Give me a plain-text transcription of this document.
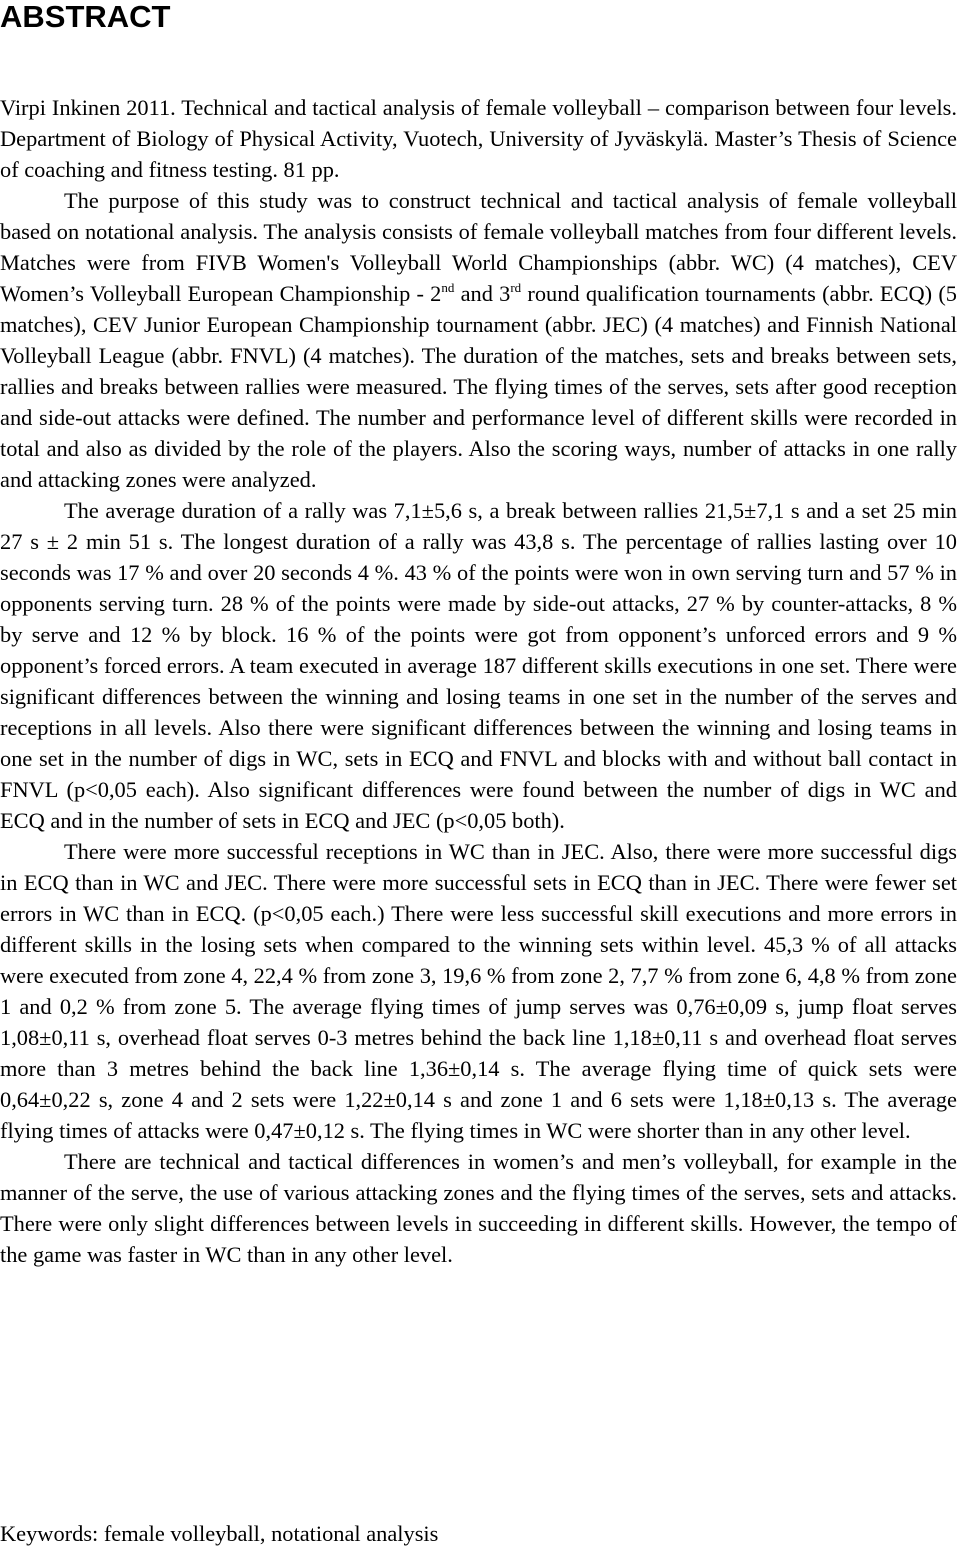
ABSTRACT

Virpi Inkinen 2011. Technical and tactical analysis of female volleyball – comparison between four levels. Department of Biology of Physical Activity, Vuotech, University of Jyväskylä. Master’s Thesis of Science of coaching and fitness testing. 81 pp.

The purpose of this study was to construct technical and tactical analysis of female volleyball based on notational analysis. The analysis consists of female volleyball matches from four different levels. Matches were from FIVB Women's Volleyball World Championships (abbr. WC) (4 matches), CEV Women’s Volleyball European Championship - 2nd and 3rd round qualification tournaments (abbr. ECQ) (5 matches), CEV Junior European Championship tournament (abbr. JEC) (4 matches) and Finnish National Volleyball League (abbr. FNVL) (4 matches). The duration of the matches, sets and breaks between sets, rallies and breaks between rallies were measured. The flying times of the serves, sets after good reception and side-out attacks were defined. The number and performance level of different skills were recorded in total and also as divided by the role of the players. Also the scoring ways, number of attacks in one rally and attacking zones were analyzed.

The average duration of a rally was 7,1±5,6 s, a break between rallies 21,5±7,1 s and a set 25 min 27 s ± 2 min 51 s. The longest duration of a rally was 43,8 s. The percentage of rallies lasting over 10 seconds was 17 % and over 20 seconds 4 %. 43 % of the points were won in own serving turn and 57 % in opponents serving turn. 28 % of the points were made by side-out attacks, 27 % by counter-attacks, 8 % by serve and 12 % by block. 16 % of the points were got from opponent’s unforced errors and 9 % opponent’s forced errors. A team executed in average 187 different skills executions in one set. There were significant differences between the winning and losing teams in one set in the number of the serves and receptions in all levels. Also there were significant differences between the winning and losing teams in one set in the number of digs in WC, sets in ECQ and FNVL and blocks with and without ball contact in FNVL (p<0,05 each). Also significant differences were found between the number of digs in WC and ECQ and in the number of sets in ECQ and JEC (p<0,05 both).

There were more successful receptions in WC than in JEC. Also, there were more successful digs in ECQ than in WC and JEC. There were more successful sets in ECQ than in JEC. There were fewer set errors in WC than in ECQ. (p<0,05 each.) There were less successful skill executions and more errors in different skills in the losing sets when compared to the winning sets within level. 45,3 % of all attacks were executed from zone 4, 22,4 % from zone 3, 19,6 % from zone 2, 7,7 % from zone 6, 4,8 % from zone 1 and 0,2 % from zone 5. The average flying times of jump serves was 0,76±0,09 s, jump float serves 1,08±0,11 s, overhead float serves 0-3 metres behind the back line 1,18±0,11 s and overhead float serves more than 3 metres behind the back line 1,36±0,14 s. The average flying time of quick sets were 0,64±0,22 s, zone 4 and 2 sets were 1,22±0,14 s and zone 1 and 6 sets were 1,18±0,13 s. The average flying times of attacks were 0,47±0,12 s. The flying times in WC were shorter than in any other level.

There are technical and tactical differences in women’s and men’s volleyball, for example in the manner of the serve, the use of various attacking zones and the flying times of the serves, sets and attacks. There were only slight differences between levels in succeeding in different skills. However, the tempo of the game was faster in WC than in any other level.

Keywords: female volleyball, notational analysis
